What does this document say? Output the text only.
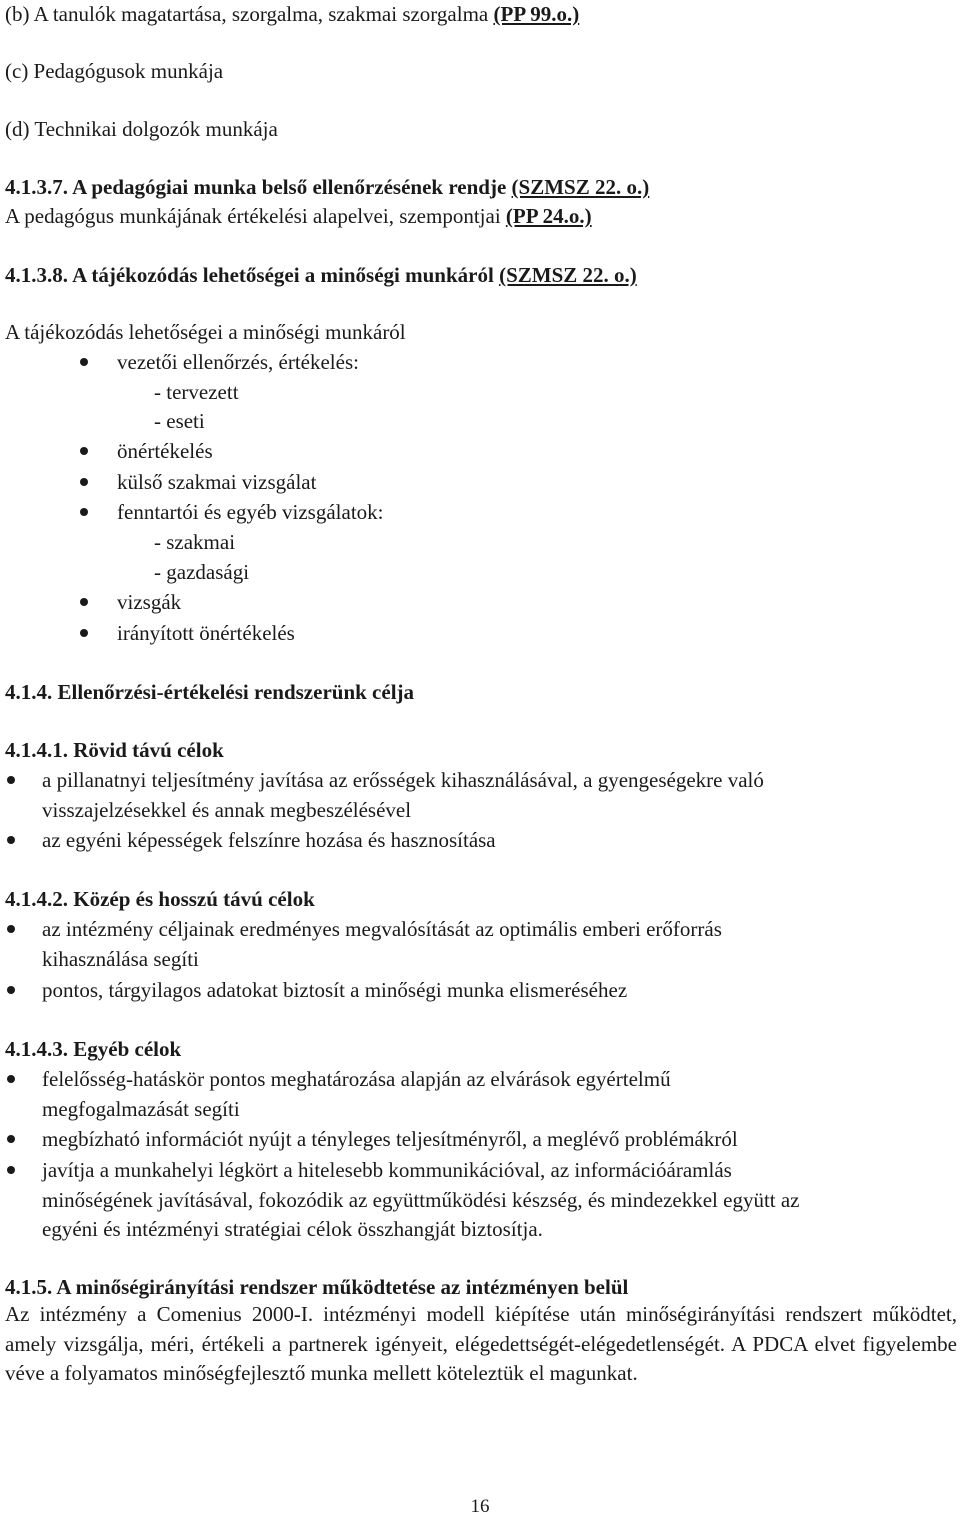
(b) A tanulók magatartása, szorgalma, szakmai szorgalma (PP 99.o.)
(c) Pedagógusok munkája
(d) Technikai dolgozók munkája
4.1.3.7. A pedagógiai munka belső ellenőrzésének rendje (SZMSZ 22. o.)
A pedagógus munkájának értékelési alapelvei, szempontjai (PP 24.o.)
4.1.3.8. A tájékozódás lehetőségei a minőségi munkáról (SZMSZ 22. o.)
A tájékozódás lehetőségei a minőségi munkáról
vezetői ellenőrzés, értékelés:
- tervezett
- eseti
önértékelés
külső szakmai vizsgálat
fenntartói és egyéb vizsgálatok:
- szakmai
- gazdasági
vizsgák
irányított önértékelés
4.1.4. Ellenőrzési-értékelési rendszerünk célja
4.1.4.1. Rövid távú célok
a pillanatnyi teljesítmény javítása az erősségek kihasználásával, a gyengeségekre való
visszajelzésekkel és annak megbeszélésével
az egyéni képességek felszínre hozása és hasznosítása
4.1.4.2. Közép és hosszú távú célok
az intézmény céljainak eredményes megvalósítását az optimális emberi erőforrás
kihasználása segíti
pontos, tárgyilagos adatokat biztosít a minőségi munka elismeréséhez
4.1.4.3. Egyéb célok
felelősség-hatáskör pontos meghatározása alapján az elvárások egyértelmű
megfogalmazását segíti
megbízható információt nyújt a tényleges teljesítményről, a meglévő problémákról
javítja a munkahelyi légkört a hitelesebb kommunikációval, az információáramlás
minőségének javításával, fokozódik az együttműködési készség, és mindezekkel együtt az
egyéni és intézményi stratégiai célok összhangját biztosítja.
4.1.5. A minőségirányítási rendszer működtetése az intézményen belül
Az intézmény a Comenius 2000-I. intézményi modell kiépítése után minőségirányítási rendszert működtet, amely vizsgálja, méri, értékeli a partnerek igényeit, elégedettségét-elégedetlenségét. A PDCA elvet figyelembe véve a folyamatos minőségfejlesztő munka mellett köteleztük el magunkat.
16
